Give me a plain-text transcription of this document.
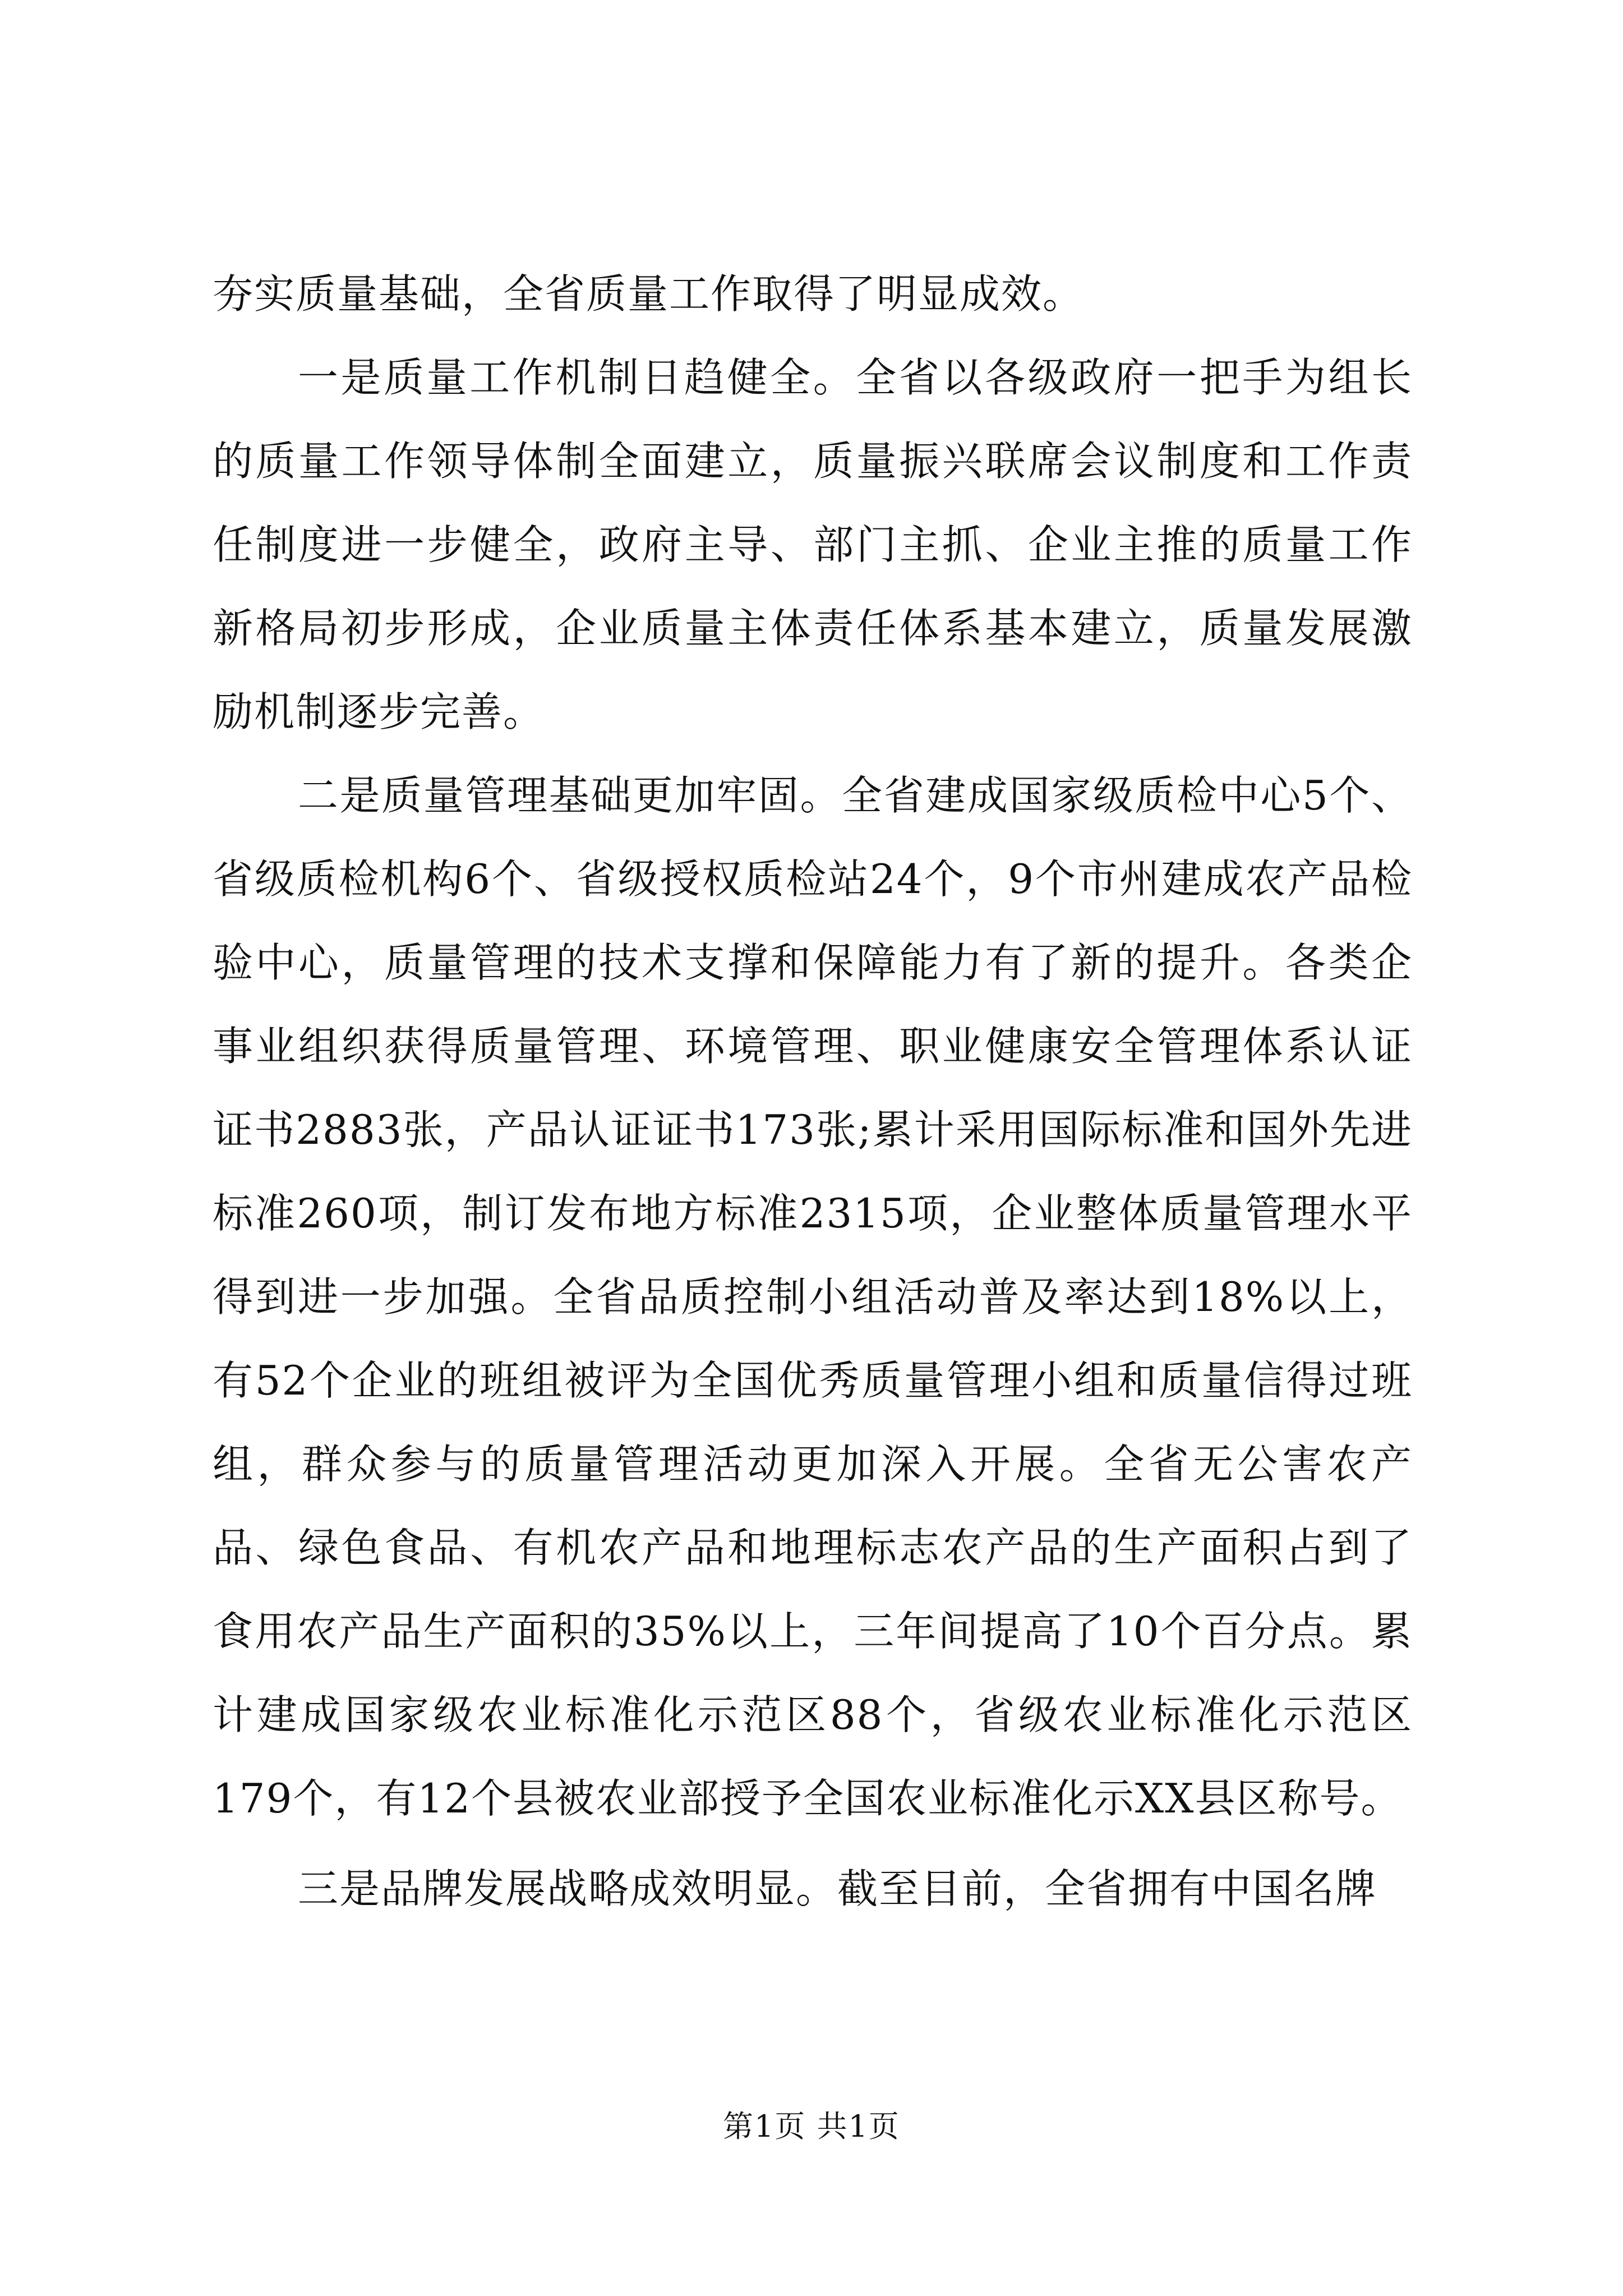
夯实质量基础，全省质量工作取得了明显成效。

一是质量工作机制日趋健全。全省以各级政府一把手为组长的质量工作领导体制全面建立，质量振兴联席会议制度和工作责任制度进一步健全，政府主导、部门主抓、企业主推的质量工作新格局初步形成，企业质量主体责任体系基本建立，质量发展激励机制逐步完善。

二是质量管理基础更加牢固。全省建成国家级质检中心5个、省级质检机构6个、省级授权质检站24个，9个市州建成农产品检验中心，质量管理的技术支撑和保障能力有了新的提升。各类企事业组织获得质量管理、环境管理、职业健康安全管理体系认证证书2883张，产品认证证书173张;累计采用国际标准和国外先进标准260项，制订发布地方标准2315项，企业整体质量管理水平得到进一步加强。全省品质控制小组活动普及率达到18%以上，有52个企业的班组被评为全国优秀质量管理小组和质量信得过班组，群众参与的质量管理活动更加深入开展。全省无公害农产品、绿色食品、有机农产品和地理标志农产品的生产面积占到了食用农产品生产面积的35%以上，三年间提高了10个百分点。累计建成国家级农业标准化示范区88个，省级农业标准化示范区179个，有12个县被农业部授予全国农业标准化示XX县区称号。

三是品牌发展战略成效明显。截至目前，全省拥有中国名牌

第1页 共1页
